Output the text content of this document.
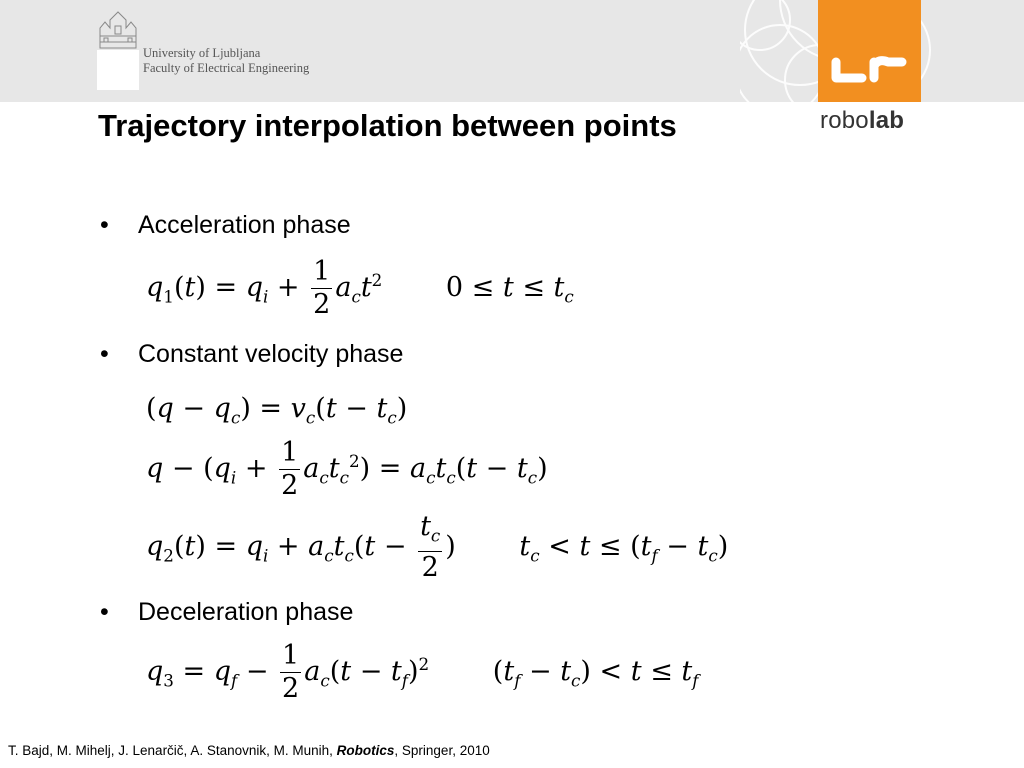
University of Ljubljana
Faculty of Electrical Engineering
robolab
Trajectory interpolation between points
• Acceleration phase
$q_1(t) = q_i + \frac{1}{2} a_ct^2$ $0 \le t \le t_c$
• Constant velocity phase
$(q - q_c) = v_c(t - t_c)$
$q - (q_i + \frac{1}{2} a_ct_c^2) = a_ct_c(t - t_c)$
$q_2(t) = q_i + a_ct_c(t - \frac{t_c}{2}$ ) $t_c < t \le (t_f - t_c)$
• Deceleration phase
$q_3 = q_f - \frac{1}{2} a_c(t - t_f)^2$ $(t_f - t_c) < t \le t_f$
T. Bajd, M. Mihelj, J. Lenarčič, A. Stanovnik, M. Munih, Robotics, Springer, 2010
